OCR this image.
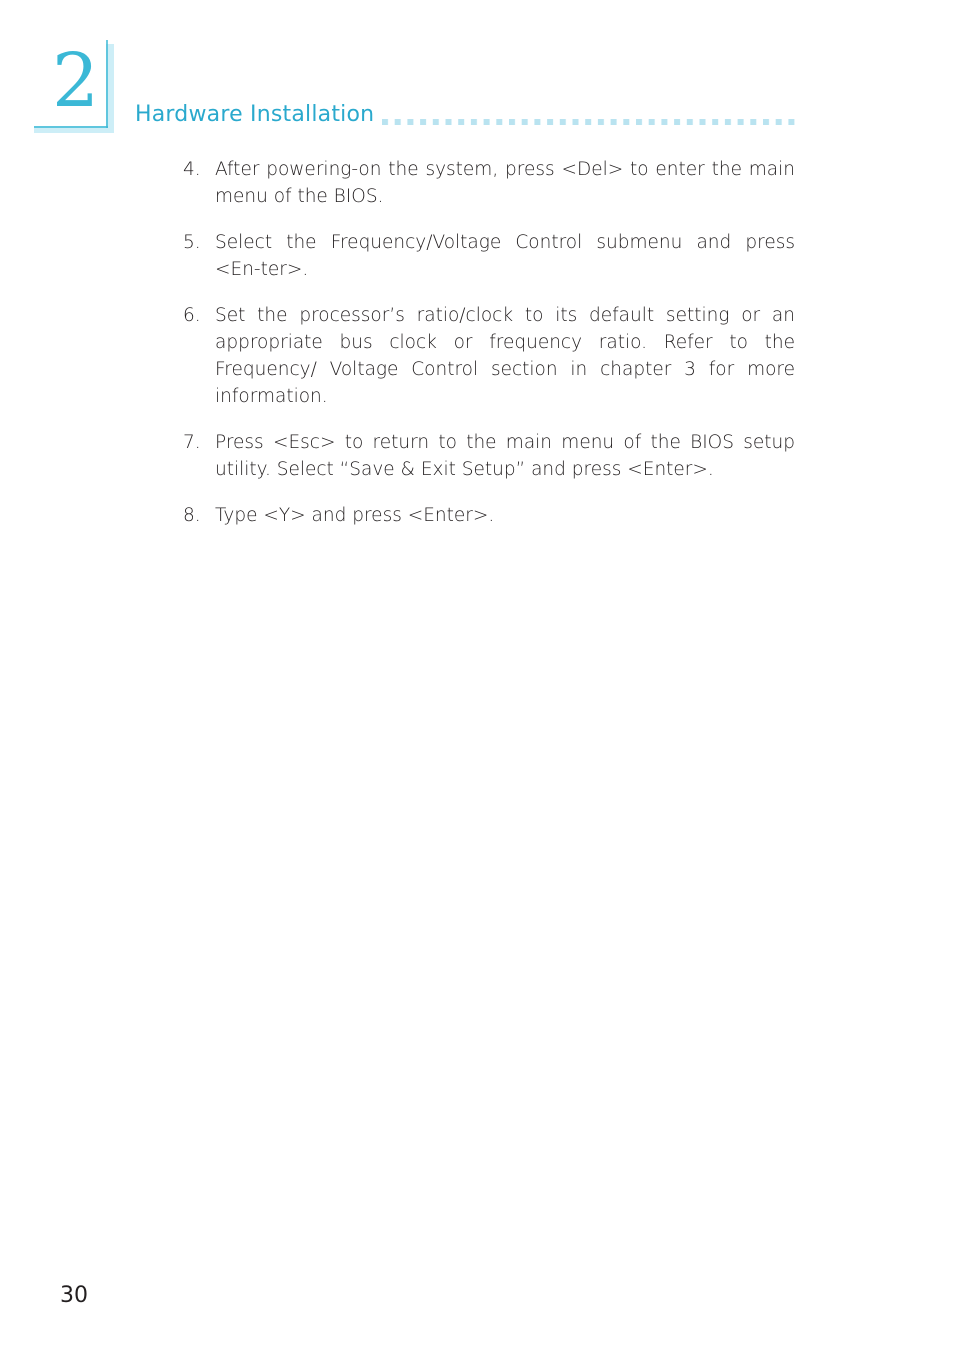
2 Hardware Installation
4. After powering-on the system, press <Del> to enter the main menu of the BIOS.
5. Select the Frequency/Voltage Control submenu and press <En-ter>.
6. Set the processor’s ratio/clock to its default setting or an appropriate bus clock or frequency ratio. Refer to the Frequency/ Voltage Control section in chapter 3 for more information.
7. Press <Esc> to return to the main menu of the BIOS setup utility. Select “Save & Exit Setup” and press <Enter>.
8. Type <Y> and press <Enter>.
30
